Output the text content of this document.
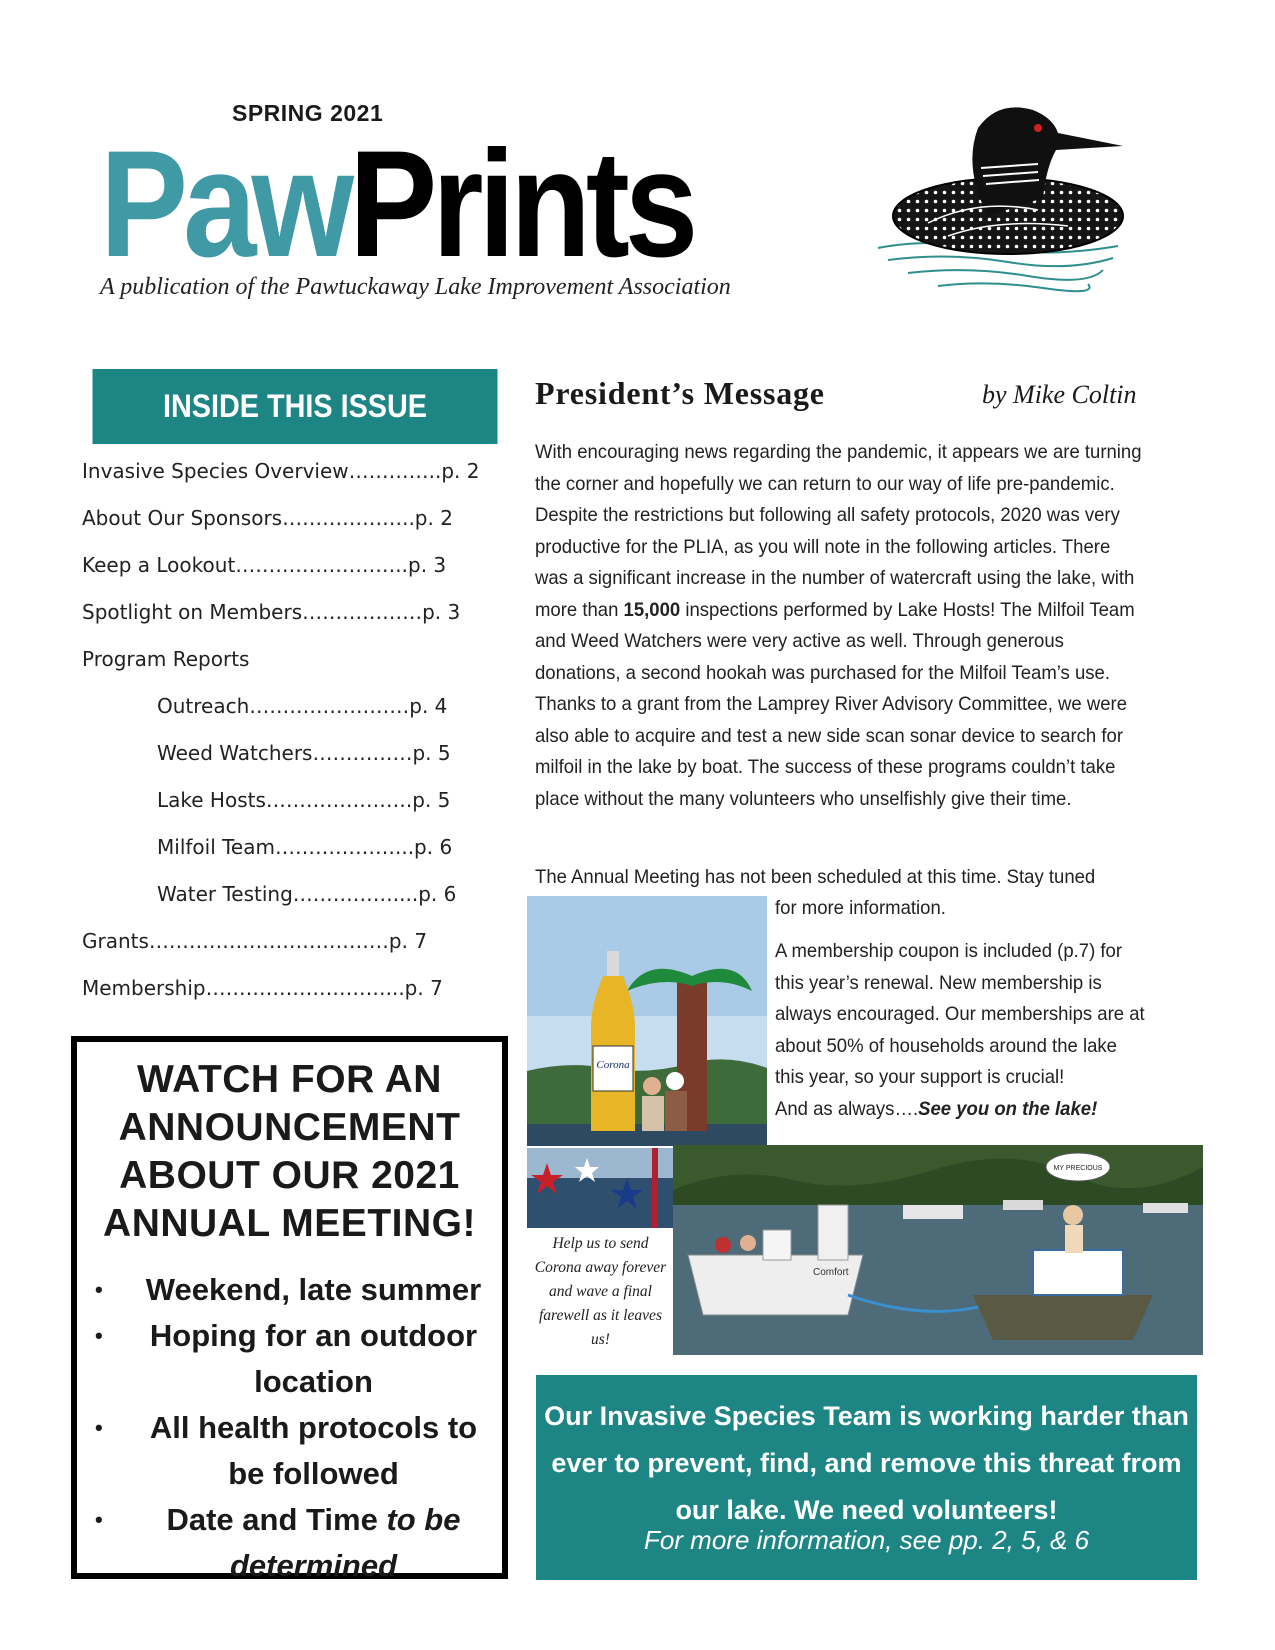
SPRING 2021
PawPrints
A publication of the Pawtuckaway Lake Improvement Association
INSIDE THIS ISSUE
Invasive Species Overview…………..p. 2
About Our Sponsors………………..p. 2
Keep a Lookout……………………..p. 3
Spotlight on Members………………p. 3
Program Reports
Outreach……………………p. 4
Weed Watchers……………p. 5
Lake Hosts………………….p. 5
Milfoil Team………………...p. 6
Water Testing……………....p. 6
Grants………………………………p. 7
Membership………………………...p. 7
WATCH FOR AN
ANNOUNCEMENT
ABOUT OUR 2021
ANNUAL MEETING!
• Weekend, late summer
• Hoping for an outdoor location
• All health protocols to be followed
• Date and Time to be determined
President’s Message	by Mike Coltin

With encouraging news regarding the pandemic, it appears we are turning the corner and hopefully we can return to our way of life pre-pandemic. Despite the restrictions but following all safety protocols, 2020 was very productive for the PLIA, as you will note in the following articles. There was a significant increase in the number of watercraft using the lake, with more than 15,000 inspections performed by Lake Hosts! The Milfoil Team and Weed Watchers were very active as well. Through generous donations, a second hookah was purchased for the Milfoil Team’s use. Thanks to a grant from the Lamprey River Advisory Committee, we were also able to acquire and test a new side scan sonar device to search for milfoil in the lake by boat. The success of these programs couldn’t take place without the many volunteers who unselfishly give their time.

The Annual Meeting has not been scheduled at this time. Stay tuned
for more information.
A membership coupon is included (p.7) for
this year’s renewal. New membership is
always encouraged. Our memberships are at
about 50% of households around the lake
this year, so your support is crucial!
And as always….See you on the lake!
Corona
Comfort
MY PRECIOUS
Help us to send Corona away forever and wave a final farewell as it leaves us!
Our Invasive Species Team is working harder than ever to prevent, find, and remove this threat from our lake. We need volunteers!
For more information, see pp. 2, 5, & 6
